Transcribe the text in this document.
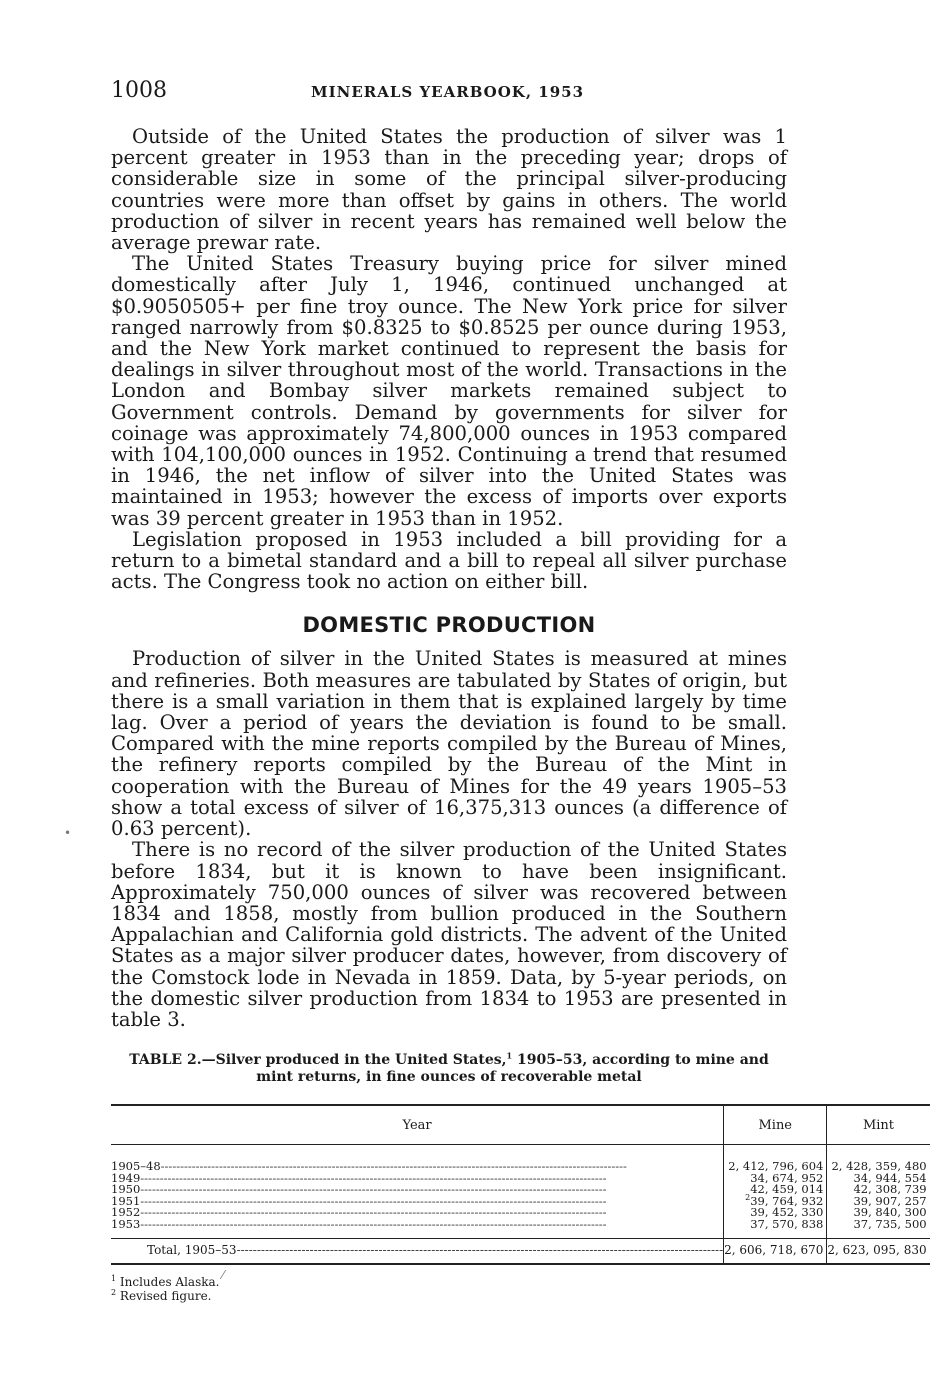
1008	MINERALS YEARBOOK, 1953

Outside of the United States the production of silver was 1 percent greater in 1953 than in the preceding year; drops of considerable size in some of the principal silver-producing countries were more than offset by gains in others. The world production of silver in recent years has remained well below the average prewar rate.

The United States Treasury buying price for silver mined domestically after July 1, 1946, continued unchanged at $0.9050505+ per fine troy ounce. The New York price for silver ranged narrowly from $0.8325 to $0.8525 per ounce during 1953, and the New York market continued to represent the basis for dealings in silver throughout most of the world. Transactions in the London and Bombay silver markets remained subject to Government controls. Demand by governments for silver for coinage was approximately 74,800,000 ounces in 1953 compared with 104,100,000 ounces in 1952. Continuing a trend that resumed in 1946, the net inflow of silver into the United States was maintained in 1953; however the excess of imports over exports was 39 percent greater in 1953 than in 1952.

Legislation proposed in 1953 included a bill providing for a return to a bimetal standard and a bill to repeal all silver purchase acts. The Congress took no action on either bill.

DOMESTIC PRODUCTION

Production of silver in the United States is measured at mines and refineries. Both measures are tabulated by States of origin, but there is a small variation in them that is explained largely by time lag. Over a period of years the deviation is found to be small. Compared with the mine reports compiled by the Bureau of Mines, the refinery reports compiled by the Bureau of the Mint in cooperation with the Bureau of Mines for the 49 years 1905–53 show a total excess of silver of 16,375,313 ounces (a difference of 0.63 percent).

There is no record of the silver production of the United States before 1834, but it is known to have been insignificant. Approximately 750,000 ounces of silver was recovered between 1834 and 1858, mostly from bullion produced in the Southern Appalachian and California gold districts. The advent of the United States as a major silver producer dates, however, from discovery of the Comstock lode in Nevada in 1859. Data, by 5-year periods, on the domestic silver production from 1834 to 1953 are presented in table 3.

TABLE 2.—Silver produced in the United States,$^1$ 1905–53, according to mine and
mint returns, in fine ounces of recoverable metal
Year	Mine	Mint
1905–48------------------------------------------------------------------------------------------------------------------------	2, 412, 796, 604	2, 428, 359, 480
1949------------------------------------------------------------------------------------------------------------------------	34, 674, 952	34, 944, 554
1950------------------------------------------------------------------------------------------------------------------------	42, 459, 014	42, 308, 739
1951------------------------------------------------------------------------------------------------------------------------	$^2$39, 764, 932	39, 907, 257
1952------------------------------------------------------------------------------------------------------------------------	39, 452, 330	39, 840, 300
1953------------------------------------------------------------------------------------------------------------------------	37, 570, 838	37, 735, 500
Total, 1905–53------------------------------------------------------------------------------------------------------------------------	2, 606, 718, 670	2, 623, 095, 830
$^1$ Includes Alaska.
$^2$ Revised figure.
•
⁄
